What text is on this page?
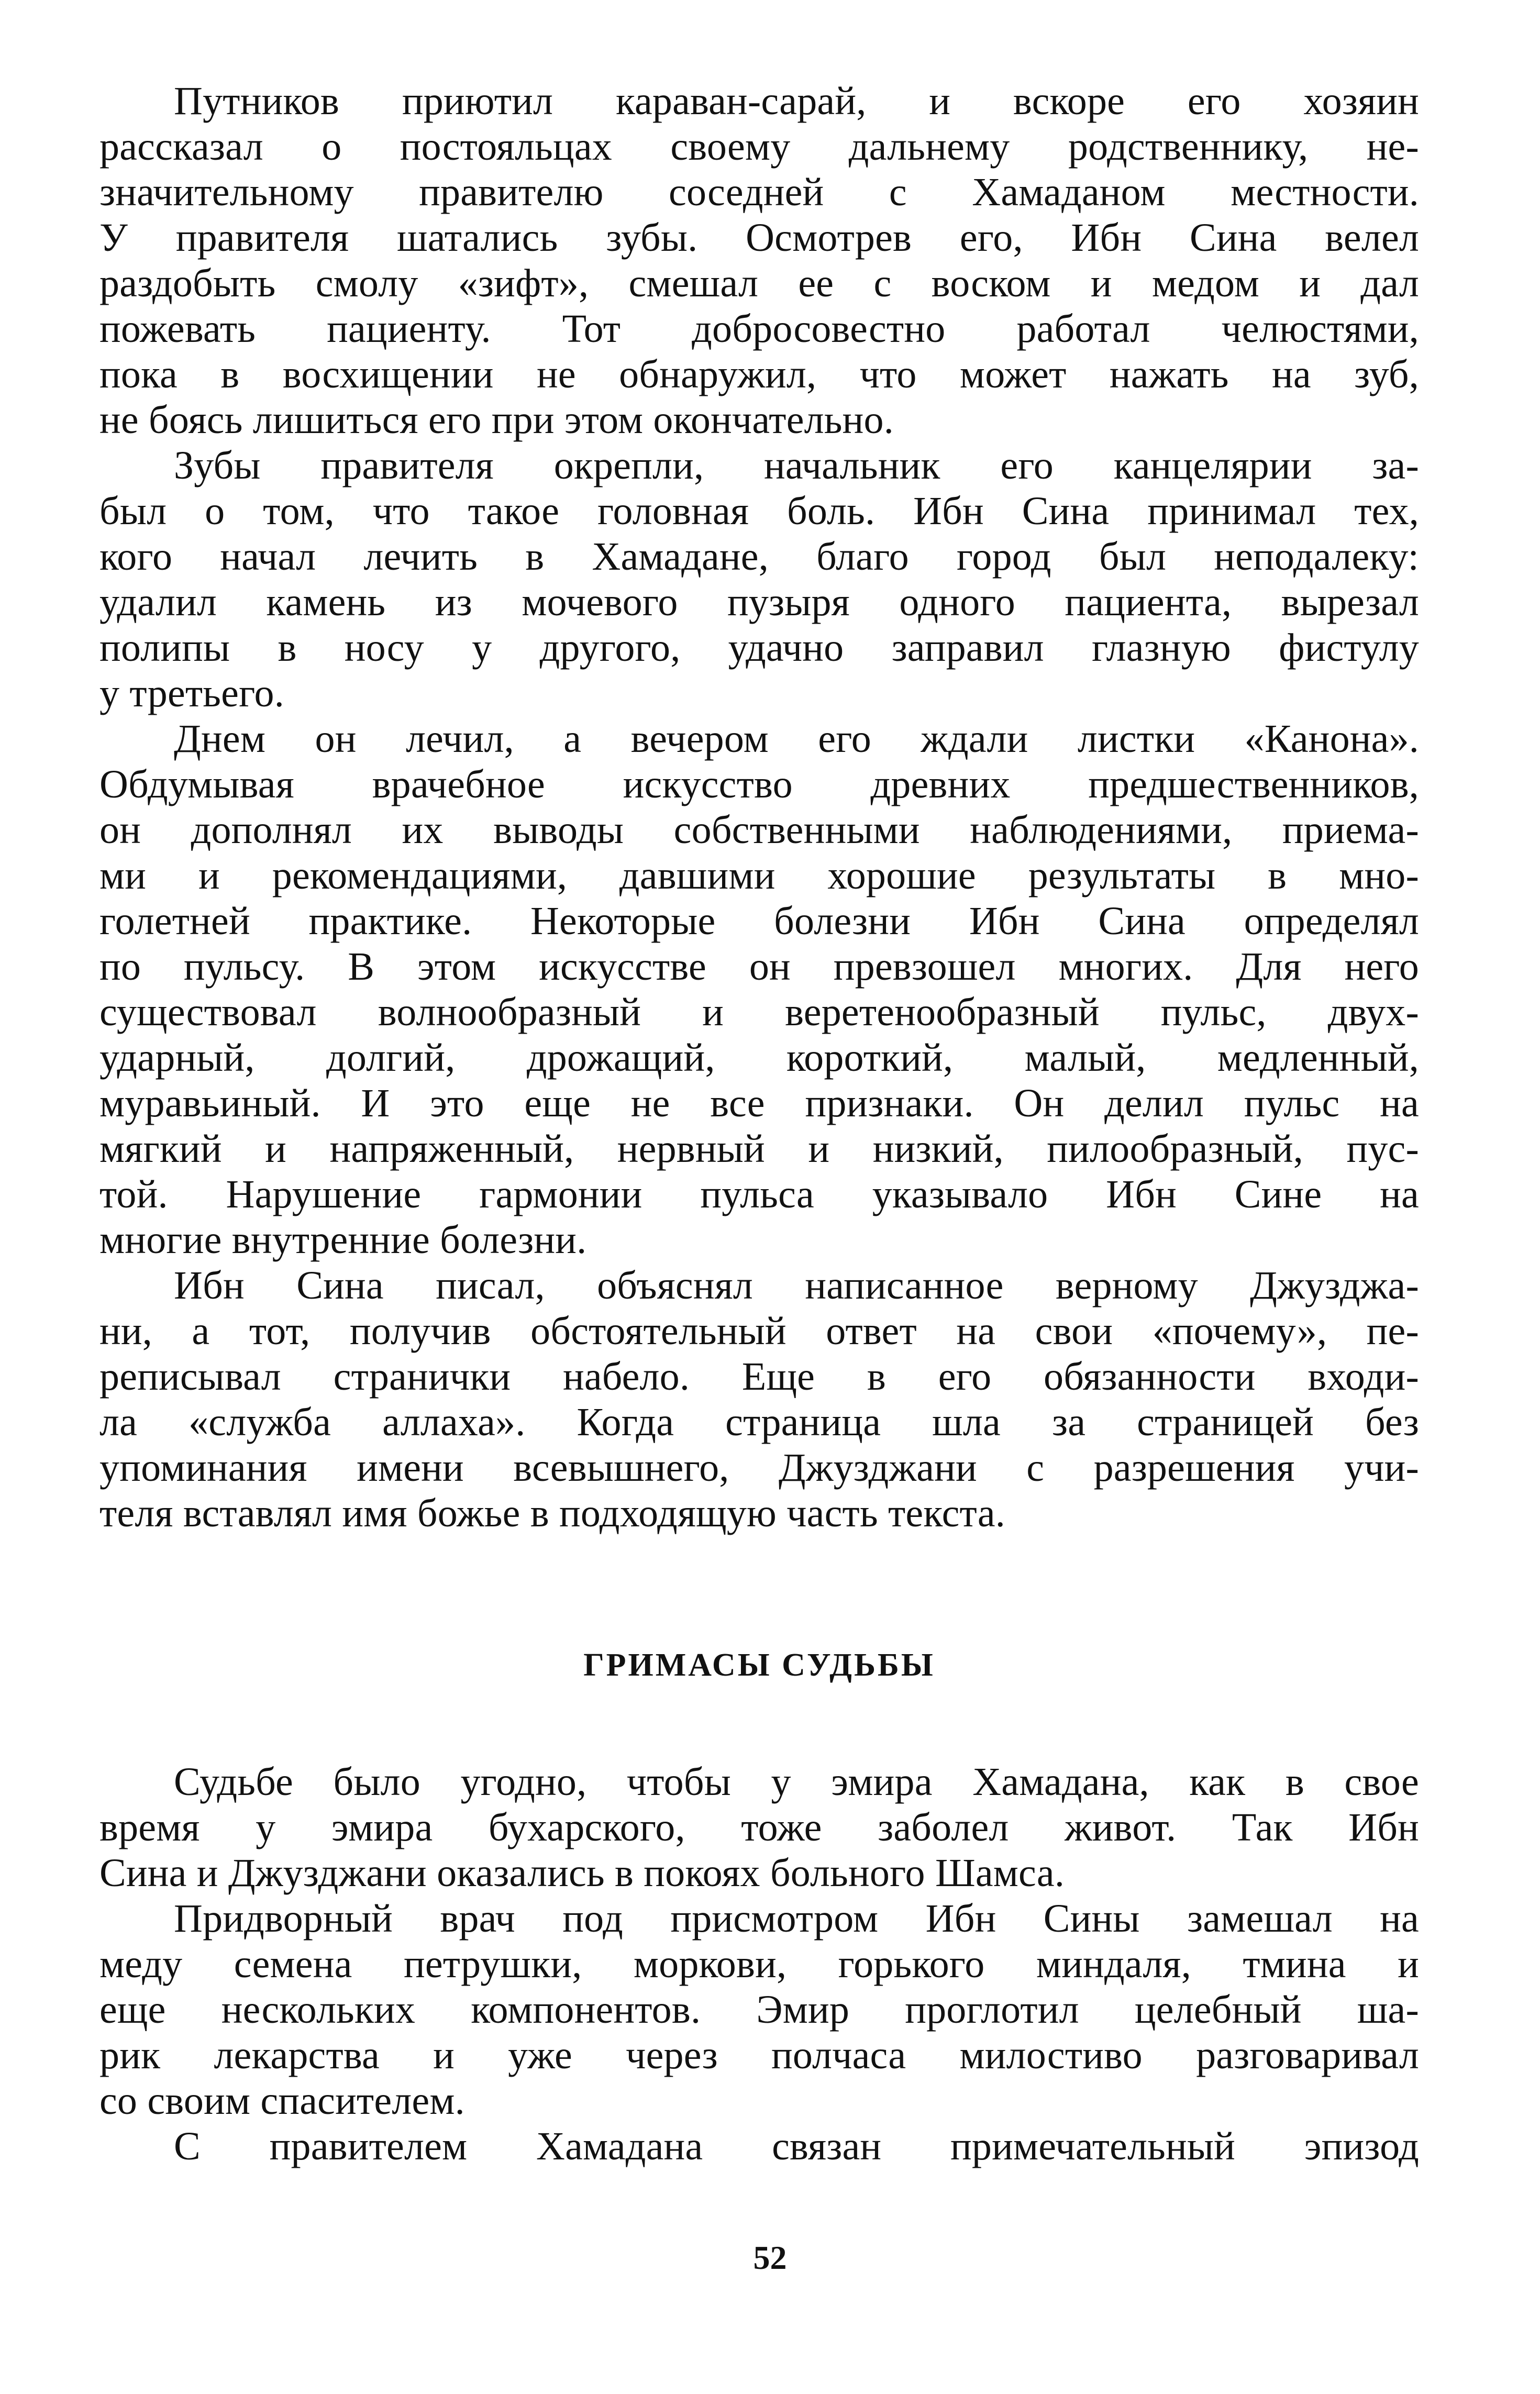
Путников приютил караван-сарай, и вскоре его хозяин
рассказал о постояльцах своему дальнему родственнику, не-
значительному правителю соседней с Хамаданом местности.
У правителя шатались зубы. Осмотрев его, Ибн Сина велел
раздобыть смолу «зифт», смешал ее с воском и медом и дал
пожевать пациенту. Тот добросовестно работал челюстями,
пока в восхищении не обнаружил, что может нажать на зуб,
не боясь лишиться его при этом окончательно.
Зубы правителя окрепли, начальник его канцелярии за-
был о том, что такое головная боль. Ибн Сина принимал тех,
кого начал лечить в Хамадане, благо город был неподалеку:
удалил камень из мочевого пузыря одного пациента, вырезал
полипы в носу у другого, удачно заправил глазную фистулу
у третьего.
Днем он лечил, а вечером его ждали листки «Канона».
Обдумывая врачебное искусство древних предшественников,
он дополнял их выводы собственными наблюдениями, приема-
ми и рекомендациями, давшими хорошие результаты в мно-
голетней практике. Некоторые болезни Ибн Сина определял
по пульсу. В этом искусстве он превзошел многих. Для него
существовал волнообразный и веретенообразный пульс, двух-
ударный, долгий, дрожащий, короткий, малый, медленный,
муравьиный. И это еще не все признаки. Он делил пульс на
мягкий и напряженный, нервный и низкий, пилообразный, пус-
той. Нарушение гармонии пульса указывало Ибн Сине на
многие внутренние болезни.
Ибн Сина писал, объяснял написанное верному Джузджа-
ни, а тот, получив обстоятельный ответ на свои «почему», пе-
реписывал странички набело. Еще в его обязанности входи-
ла «служба аллаха». Когда страница шла за страницей без
упоминания имени всевышнего, Джузджани с разрешения учи-
теля вставлял имя божье в подходящую часть текста.
ГРИМАСЫ СУДЬБЫ
Судьбе было угодно, чтобы у эмира Хамадана, как в свое
время у эмира бухарского, тоже заболел живот. Так Ибн
Сина и Джузджани оказались в покоях больного Шамса.
Придворный врач под присмотром Ибн Сины замешал на
меду семена петрушки, моркови, горького миндаля, тмина и
еще нескольких компонентов. Эмир проглотил целебный ша-
рик лекарства и уже через полчаса милостиво разговаривал
со своим спасителем.
С правителем Хамадана связан примечательный эпизод
52
